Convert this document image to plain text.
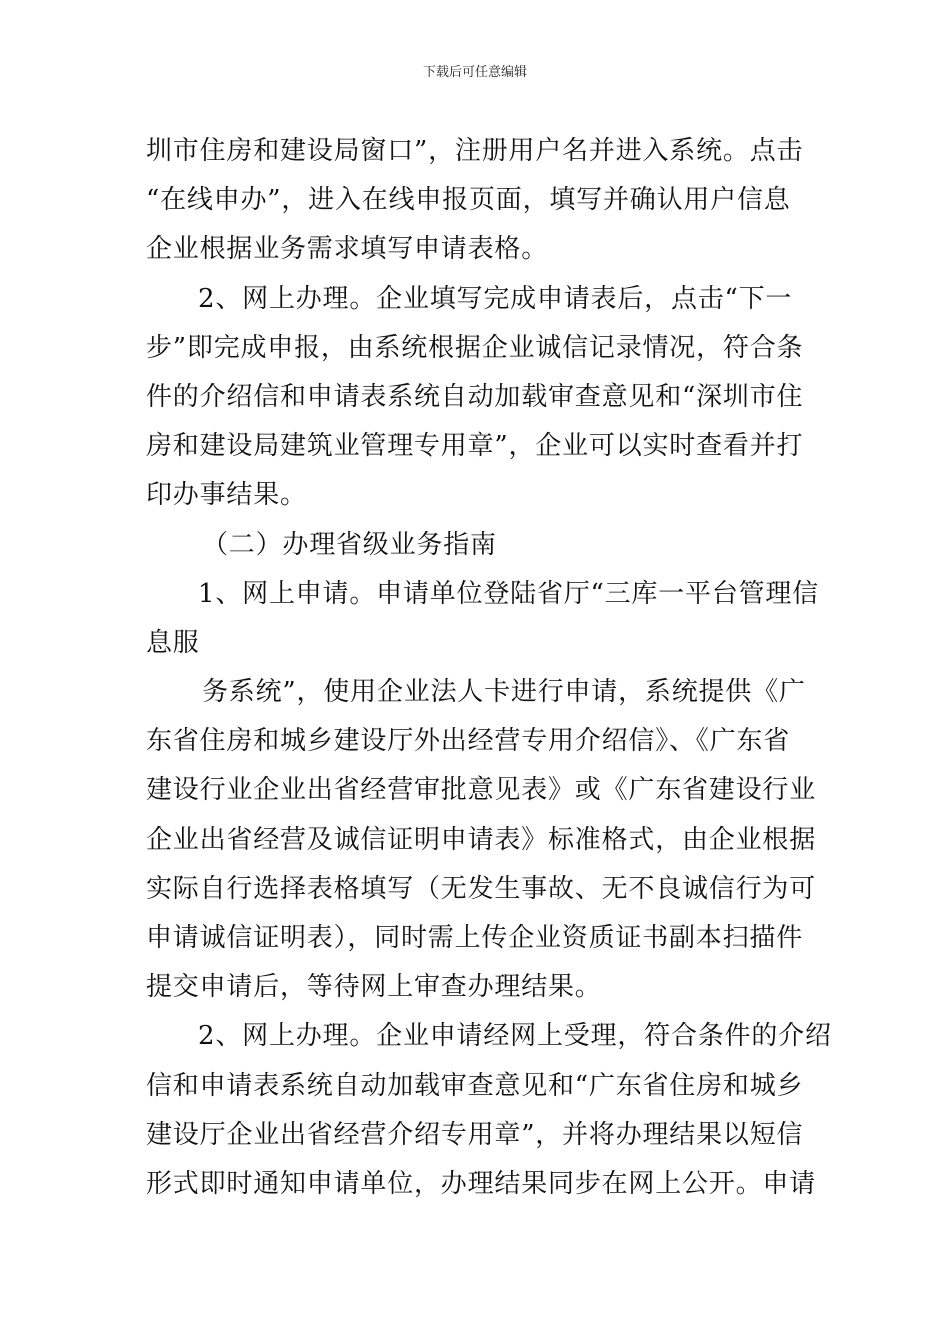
下载后可任意编辑
圳市住房和建设局窗口”，注册用户名并进入系统。点击
“在线申办”，进入在线申报页面，填写并确认用户信息
企业根据业务需求填写申请表格。
2、网上办理。企业填写完成申请表后，点击“下一
步”即完成申报，由系统根据企业诚信记录情况，符合条
件的介绍信和申请表系统自动加载审查意见和“深圳市住
房和建设局建筑业管理专用章”，企业可以实时查看并打
印办事结果。
（二）办理省级业务指南
1、网上申请。申请单位登陆省厅“三库一平台管理信
息服
务系统”，使用企业法人卡进行申请，系统提供《广
东省住房和城乡建设厅外出经营专用介绍信》、《广东省
建设行业企业出省经营审批意见表》或《广东省建设行业
企业出省经营及诚信证明申请表》标准格式，由企业根据
实际自行选择表格填写（无发生事故、无不良诚信行为可
申请诚信证明表），同时需上传企业资质证书副本扫描件
提交申请后，等待网上审查办理结果。
2、网上办理。企业申请经网上受理，符合条件的介绍
信和申请表系统自动加载审查意见和“广东省住房和城乡
建设厅企业出省经营介绍专用章”，并将办理结果以短信
形式即时通知申请单位，办理结果同步在网上公开。申请
